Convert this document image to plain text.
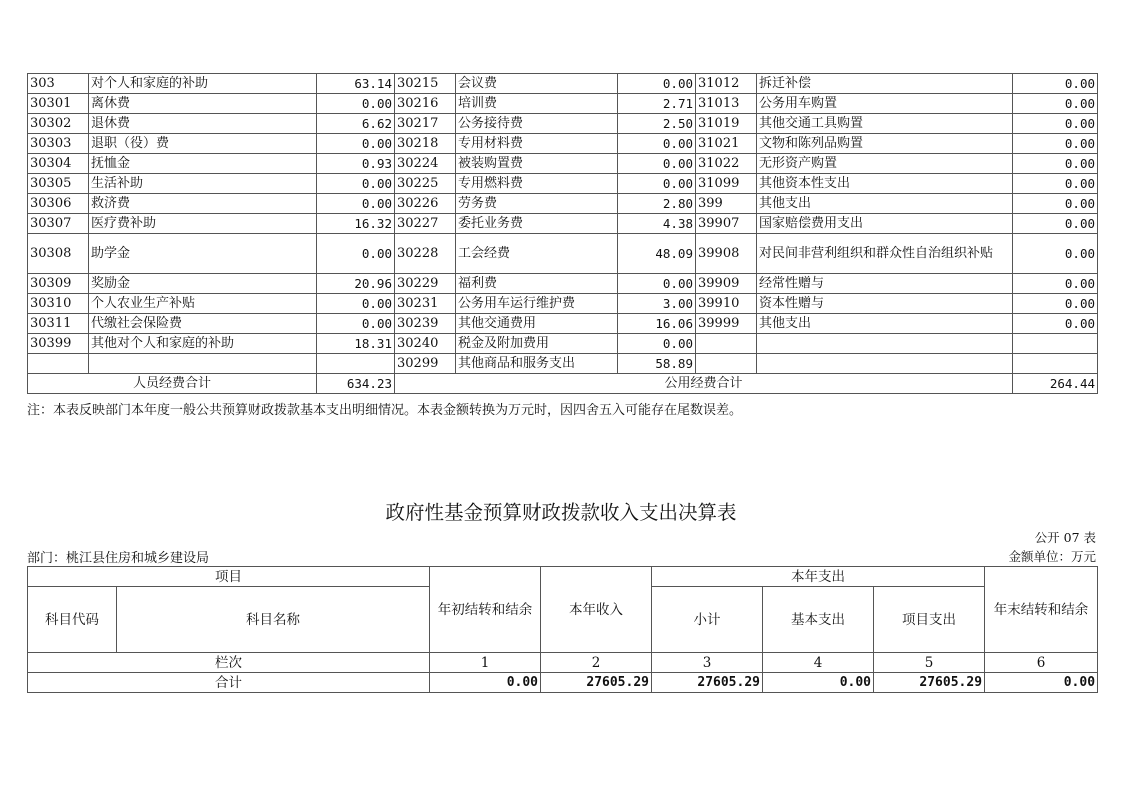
303	对个人和家庭的补助	63.14	30215	会议费	0.00	31012	拆迁补偿	0.00
30301	离休费	0.00	30216	培训费	2.71	31013	公务用车购置	0.00
30302	退休费	6.62	30217	公务接待费	2.50	31019	其他交通工具购置	0.00
30303	退职（役）费	0.00	30218	专用材料费	0.00	31021	文物和陈列品购置	0.00
30304	抚恤金	0.93	30224	被装购置费	0.00	31022	无形资产购置	0.00
30305	生活补助	0.00	30225	专用燃料费	0.00	31099	其他资本性支出	0.00
30306	救济费	0.00	30226	劳务费	2.80	399	其他支出	0.00
30307	医疗费补助	16.32	30227	委托业务费	4.38	39907	国家赔偿费用支出	0.00
30308	助学金	0.00	30228	工会经费	48.09	39908	对民间非营利组织和群众性自治组织补贴	0.00
30309	奖励金	20.96	30229	福利费	0.00	39909	经常性赠与	0.00
30310	个人农业生产补贴	0.00	30231	公务用车运行维护费	3.00	39910	资本性赠与	0.00
30311	代缴社会保险费	0.00	30239	其他交通费用	16.06	39999	其他支出	0.00
30399	其他对个人和家庭的补助	18.31	30240	税金及附加费用	0.00			
			30299	其他商品和服务支出	58.89			
人员经费合计		634.23	公用经费合计					264.44
注：本表反映部门本年度一般公共预算财政拨款基本支出明细情况。本表金额转换为万元时，因四舍五入可能存在尾数误差。
政府性基金预算财政拨款收入支出决算表
公开 07 表
部门：桃江县住房和城乡建设局	金额单位：万元
项目		年初结转和结余	本年收入	本年支出			年末结转和结余
科目代码	科目名称			小计	基本支出	项目支出	
栏次		1	2	3	4	5	6
合计		0.00	27605.29	27605.29	0.00	27605.29	0.00
